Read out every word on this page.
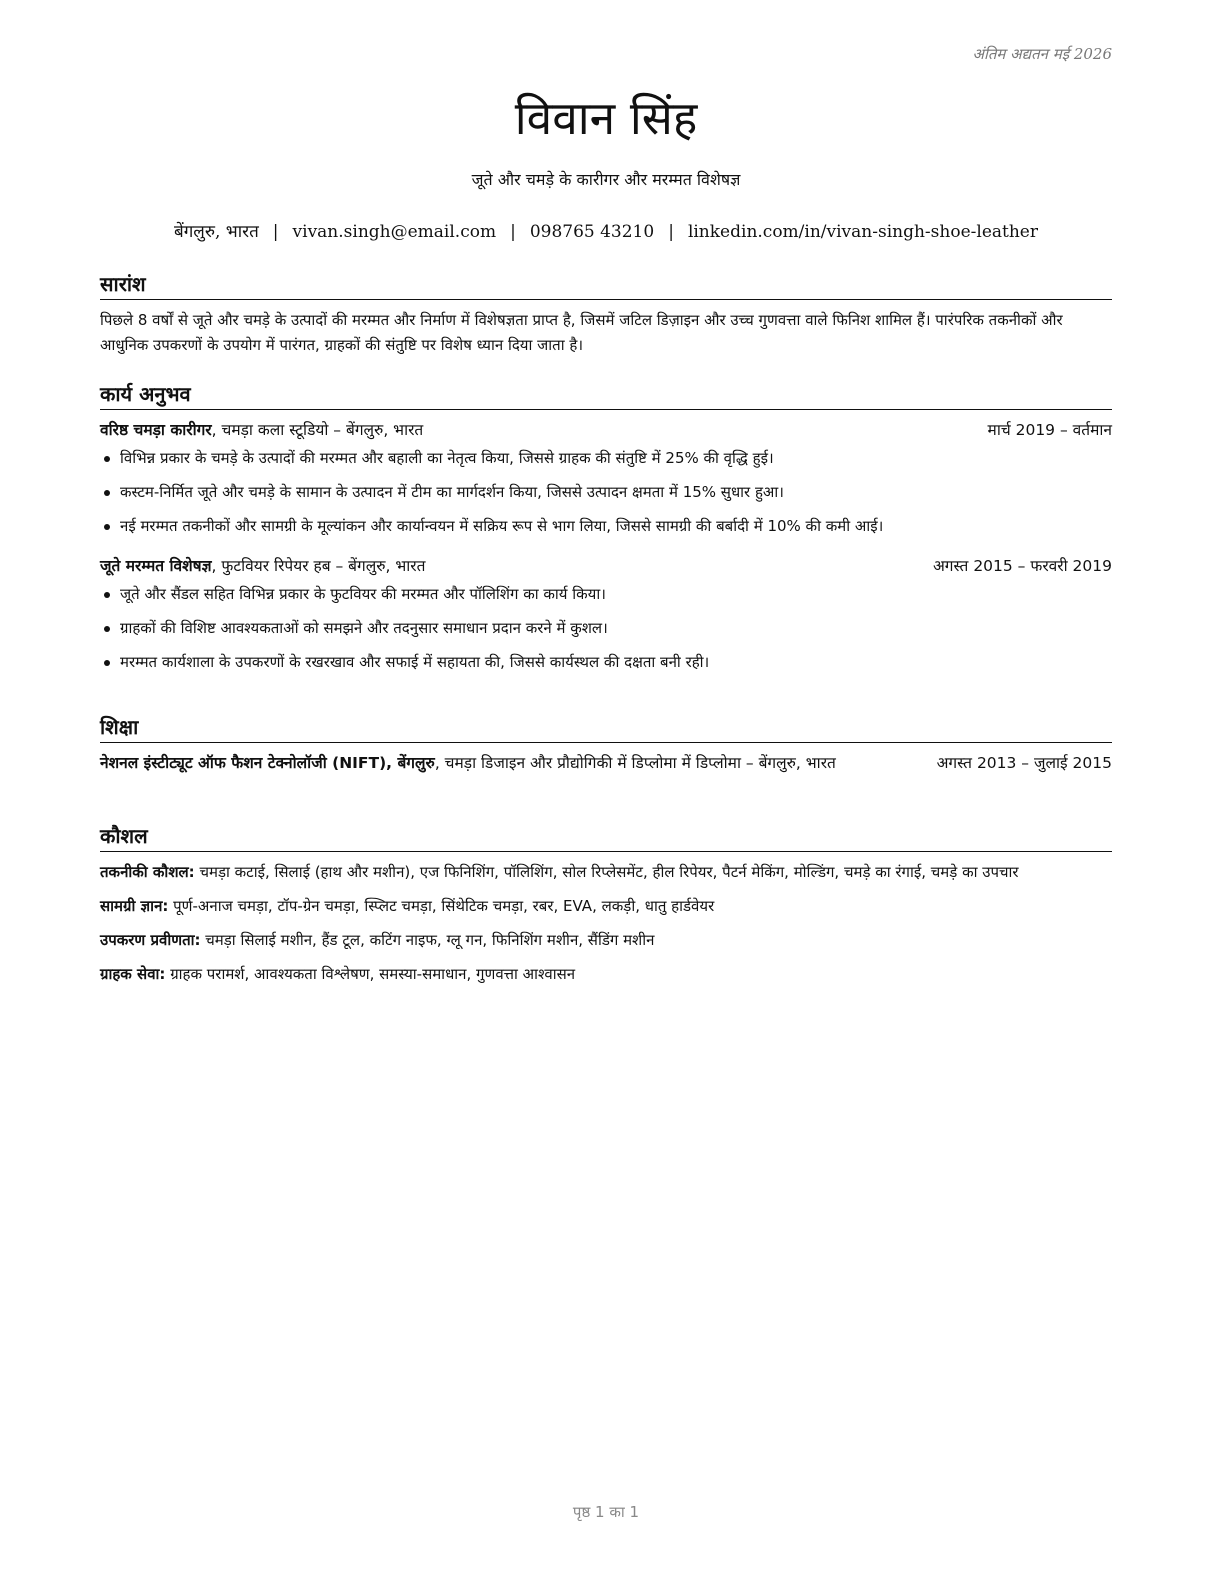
अंतिम अद्यतन मई 2026
विवान सिंह
जूते और चमड़े के कारीगर और मरम्मत विशेषज्ञ
बेंगलुरु, भारत | vivan.singh@email.com | 098765 43210 | linkedin.com/in/vivan-singh-shoe-leather
सारांश

पिछले 8 वर्षों से जूते और चमड़े के उत्पादों की मरम्मत और निर्माण में विशेषज्ञता प्राप्त है, जिसमें जटिल डिज़ाइन और उच्च गुणवत्ता वाले फिनिश शामिल हैं। पारंपरिक तकनीकों और आधुनिक उपकरणों के उपयोग में पारंगत, ग्राहकों की संतुष्टि पर विशेष ध्यान दिया जाता है।

कार्य अनुभव
वरिष्ठ चमड़ा कारीगर, चमड़ा कला स्टूडियो – बेंगलुरु, भारत	मार्च 2019 – वर्तमान
विभिन्न प्रकार के चमड़े के उत्पादों की मरम्मत और बहाली का नेतृत्व किया, जिससे ग्राहक की संतुष्टि में 25% की वृद्धि हुई।
कस्टम-निर्मित जूते और चमड़े के सामान के उत्पादन में टीम का मार्गदर्शन किया, जिससे उत्पादन क्षमता में 15% सुधार हुआ।
नई मरम्मत तकनीकों और सामग्री के मूल्यांकन और कार्यान्वयन में सक्रिय रूप से भाग लिया, जिससे सामग्री की बर्बादी में 10% की कमी आई।
जूते मरम्मत विशेषज्ञ, फुटवियर रिपेयर हब – बेंगलुरु, भारत	अगस्त 2015 – फरवरी 2019
जूते और सैंडल सहित विभिन्न प्रकार के फुटवियर की मरम्मत और पॉलिशिंग का कार्य किया।
ग्राहकों की विशिष्ट आवश्यकताओं को समझने और तदनुसार समाधान प्रदान करने में कुशल।
मरम्मत कार्यशाला के उपकरणों के रखरखाव और सफाई में सहायता की, जिससे कार्यस्थल की दक्षता बनी रही।
शिक्षा
नेशनल इंस्टीट्यूट ऑफ फैशन टेक्नोलॉजी (NIFT), बेंगलुरु, चमड़ा डिजाइन और प्रौद्योगिकी में डिप्लोमा में डिप्लोमा – बेंगलुरु, भारत	अगस्त 2013 – जुलाई 2015
कौशल

तकनीकी कौशल: चमड़ा कटाई, सिलाई (हाथ और मशीन), एज फिनिशिंग, पॉलिशिंग, सोल रिप्लेसमेंट, हील रिपेयर, पैटर्न मेकिंग, मोल्डिंग, चमड़े का रंगाई, चमड़े का उपचार

सामग्री ज्ञान: पूर्ण-अनाज चमड़ा, टॉप-ग्रेन चमड़ा, स्प्लिट चमड़ा, सिंथेटिक चमड़ा, रबर, EVA, लकड़ी, धातु हार्डवेयर

उपकरण प्रवीणता: चमड़ा सिलाई मशीन, हैंड टूल, कटिंग नाइफ, ग्लू गन, फिनिशिंग मशीन, सैंडिंग मशीन

ग्राहक सेवा: ग्राहक परामर्श, आवश्यकता विश्लेषण, समस्या-समाधान, गुणवत्ता आश्वासन

पृष्ठ 1 का 1
